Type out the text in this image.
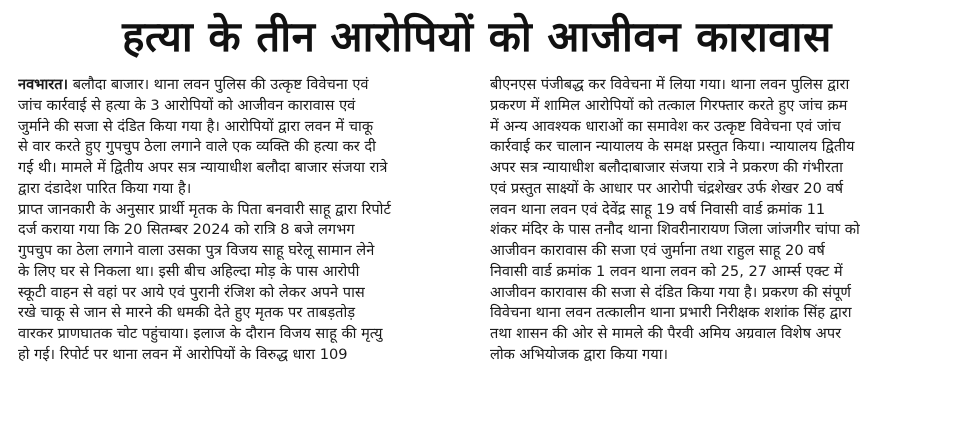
हत्या के तीन आरोपियों को आजीवन कारावास
नवभारत। बलौदा बाजार। थाना लवन पुलिस की उत्कृष्ट विवेचना एवं
जांच कार्रवाई से हत्या के 3 आरोपियों को आजीवन कारावास एवं
जुर्माने की सजा से दंडित किया गया है। आरोपियों द्वारा लवन में चाकू
से वार करते हुए गुपचुप ठेला लगाने वाले एक व्यक्ति की हत्या कर दी
गई थी। मामले में द्वितीय अपर सत्र न्यायाधीश बलौदा बाजार संजया रात्रे
द्वारा दंडादेश पारित किया गया है।
प्राप्त जानकारी के अनुसार प्रार्थी मृतक के पिता बनवारी साहू द्वारा रिपोर्ट
दर्ज कराया गया कि 20 सितम्बर 2024 को रात्रि 8 बजे लगभग
गुपचुप का ठेला लगाने वाला उसका पुत्र विजय साहू घरेलू सामान लेने
के लिए घर से निकला था। इसी बीच अहिल्दा मोड़ के पास आरोपी
स्कूटी वाहन से वहां पर आये एवं पुरानी रंजिश को लेकर अपने पास
रखे चाकू से जान से मारने की धमकी देते हुए मृतक पर ताबड़तोड़
वारकर प्राणघातक चोट पहुंचाया। इलाज के दौरान विजय साहू की मृत्यु
हो गई। रिपोर्ट पर थाना लवन में आरोपियों के विरुद्ध धारा 109
बीएनएस पंजीबद्ध कर विवेचना में लिया गया। थाना लवन पुलिस द्वारा
प्रकरण में शामिल आरोपियों को तत्काल गिरफ्तार करते हुए जांच क्रम
में अन्य आवश्यक धाराओं का समावेश कर उत्कृष्ट विवेचना एवं जांच
कार्रवाई कर चालान न्यायालय के समक्ष प्रस्तुत किया। न्यायालय द्वितीय
अपर सत्र न्यायाधीश बलौदाबाजार संजया रात्रे ने प्रकरण की गंभीरता
एवं प्रस्तुत साक्ष्यों के आधार पर आरोपी चंद्रशेखर उर्फ शेखर 20 वर्ष
लवन थाना लवन एवं देवेंद्र साहू 19 वर्ष निवासी वार्ड क्रमांक 11
शंकर मंदिर के पास तनौद थाना शिवरीनारायण जिला जांजगीर चांपा को
आजीवन कारावास की सजा एवं जुर्माना तथा राहुल साहू 20 वर्ष
निवासी वार्ड क्रमांक 1 लवन थाना लवन को 25, 27 आर्म्स एक्ट में
आजीवन कारावास की सजा से दंडित किया गया है। प्रकरण की संपूर्ण
विवेचना थाना लवन तत्कालीन थाना प्रभारी निरीक्षक शशांक सिंह द्वारा
तथा शासन की ओर से मामले की पैरवी अमिय अग्रवाल विशेष अपर
लोक अभियोजक द्वारा किया गया।
